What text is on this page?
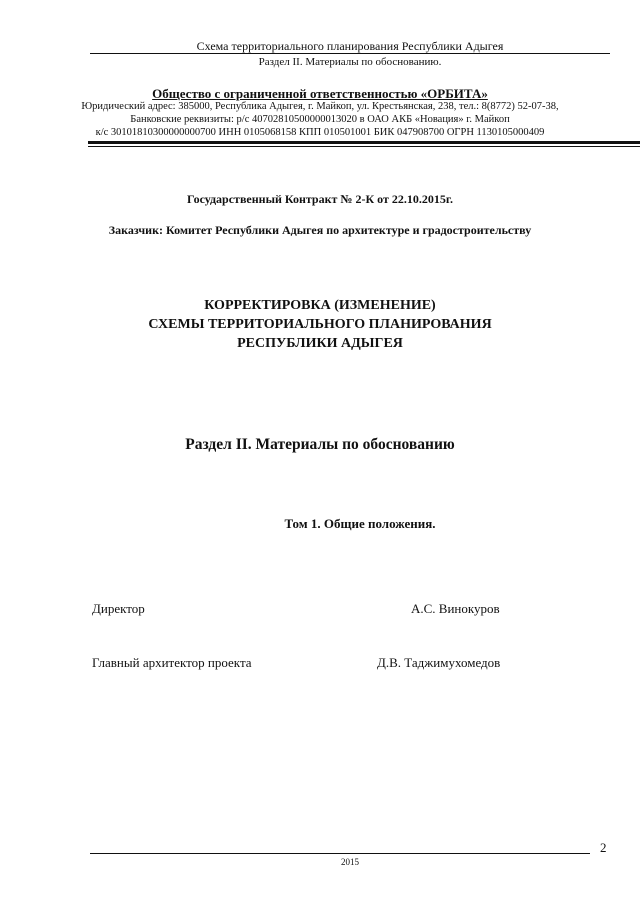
Схема территориального планирования Республики Адыгея
Раздел II. Материалы по обоснованию.
Общество с ограниченной ответственностью «ОРБИТА»
Юридический адрес: 385000, Республика Адыгея, г. Майкоп, ул. Крестьянская, 238, тел.: 8(8772) 52-07-38,
Банковские реквизиты: р/с 40702810500000013020 в ОАО АКБ «Новация» г. Майкоп
к/с 30101810300000000700 ИНН 0105068158 КПП 010501001 БИК 047908700 ОГРН 1130105000409
Государственный Контракт № 2-К от 22.10.2015г.
Заказчик: Комитет Республики Адыгея по архитектуре и градостроительству
КОРРЕКТИРОВКА (ИЗМЕНЕНИЕ)
СХЕМЫ ТЕРРИТОРИАЛЬНОГО ПЛАНИРОВАНИЯ
РЕСПУБЛИКИ АДЫГЕЯ
Раздел II. Материалы по обоснованию
Том 1. Общие положения.
Директор	А.С. Винокуров
Главный архитектор проекта	Д.В. Таджимухомедов
2
2015
